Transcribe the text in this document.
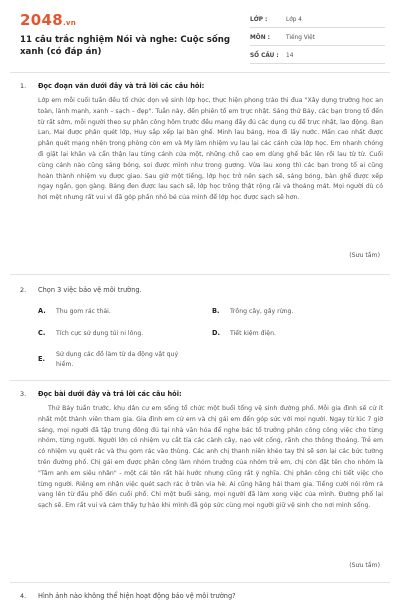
2048.vn
11 câu trắc nghiệm Nói và nghe: Cuộc sống xanh (có đáp án)
LỚP :	Lớp 4
MÔN :	Tiếng Việt
SỐ CÂU :	14
1. Đọc đoạn văn dưới đây và trả lời các câu hỏi:
Lớp em mỗi cuối tuần đều tổ chức dọn vệ sinh lớp học, thực hiện phong trào thi đua "Xây dựng trường học an toàn, lành mạnh, xanh – sạch – đẹp". Tuần này, đến phiên tổ em trực nhật. Sáng thứ Bảy, các bạn trong tổ đến từ rất sớm, mỗi người theo sự phân công hôm trước đều mang đầy đủ các dụng cụ để trực nhật, lao động. Bạn Lan, Mai được phân quét lớp, Huy sắp xếp lại bàn ghế. Minh lau bảng, Hoa đi lấy nước. Mấn cao nhất được phân quét mạng nhện trong phòng còn em và My làm nhiệm vụ lau lại các cánh cửa lớp học. Em nhanh chóng đi giặt lại khăn và cẩn thận lau từng cánh cửa một, những chỗ cao em dùng ghế bắc lên rồi lau từ từ. Cuối cùng cánh nào cũng sáng bóng, soi được mình như trong gương. Vừa lau xong thì các bạn trong tổ ai cũng hoàn thành nhiệm vụ được giao. Sau giờ một tiếng, lớp học trở nên sạch sẽ, sáng bóng, bàn ghế được xếp ngay ngắn, gọn gàng. Bảng đen được lau sạch sẽ, lớp học trông thật rộng rãi và thoáng mát. Mọi người dù có hơi mệt nhưng rất vui vì đã góp phần nhỏ bé của mình để lớp học được sạch sẽ hơn.
(Sưu tầm)
2. Chọn 3 việc bảo vệ môi trường.
A.	Thu gom rác thải.	B.	Trồng cây, gây rừng.
C.	Tích cực sử dụng túi ni lông.	D.	Tiết kiệm điện.
E.
Sử dụng các đồ làm từ da động vật quý hiếm.
3. Đọc bài dưới đây và trả lời các câu hỏi:
Thứ Bảy tuần trước, khu dân cư em sống tổ chức một buổi tổng vệ sinh đường phố. Mỗi gia đình sẽ cử ít nhất một thành viên tham gia. Gia đình em cử em và chị gái em đến góp sức với mọi người. Ngay từ lúc 7 giờ sáng, mọi người đã tập trung đông đủ tại nhà văn hóa để nghe bác tổ trưởng phân công công việc cho từng nhóm, từng người. Người lớn có nhiệm vụ cắt tỉa các cành cây, nạo vét cống, rãnh cho thông thoáng. Trẻ em có nhiệm vụ quét rác và thu gom rác vào thùng. Các anh chị thanh niên khéo tay thì sẽ sơn lại các bức tường trên đường phố. Chị gái em được phân công làm nhóm trưởng của nhóm trẻ em, chị còn đặt tên cho nhóm là "Tâm anh em siêu nhân" - một cái tên rất hài hước nhưng cũng rất ý nghĩa. Chị phân công chi tiết việc cho từng người. Riêng em nhận việc quét sạch rác ở trên vỉa hè. Ai cũng hăng hái tham gia. Tiếng cười nói rôm rả vang lên từ đầu phố đến cuối phố. Chỉ một buổi sáng, mọi người đã làm xong việc của mình. Đường phố lại sạch sẽ. Em rất vui và cảm thấy tự hào khi mình đã góp sức cùng mọi người giữ vệ sinh cho nơi mình sống.
(Sưu tầm)
4. Hình ảnh nào không thể hiện hoạt động bảo vệ môi trường?
